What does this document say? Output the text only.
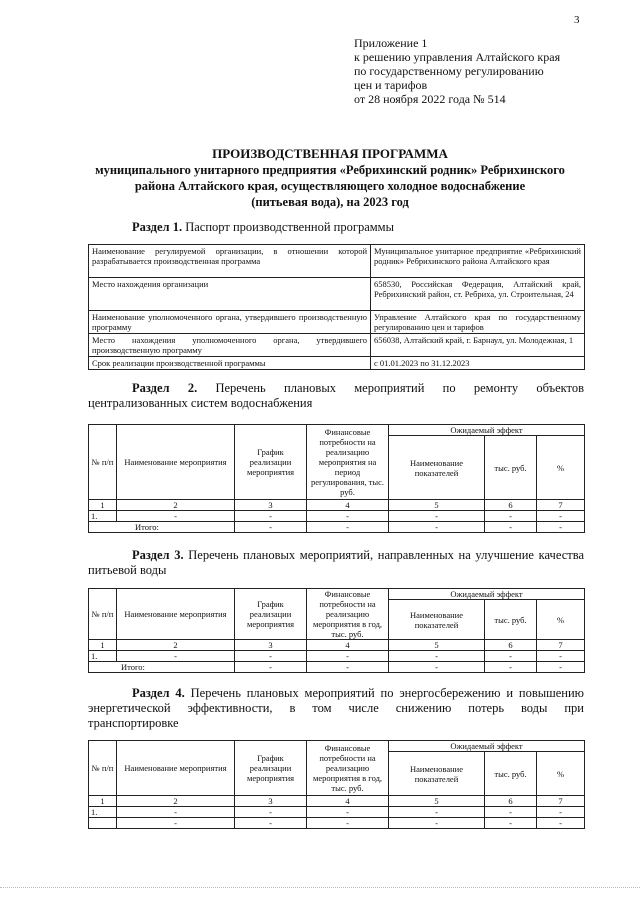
3
Приложение 1
к решению управления Алтайского края
по государственному регулированию
цен и тарифов
от 28 ноября 2022 года № 514
ПРОИЗВОДСТВЕННАЯ ПРОГРАММА
муниципального унитарного предприятия «Ребрихинский родник» Ребрихинского
района Алтайского края, осуществляющего холодное водоснабжение
(питьевая вода), на 2023 год
Раздел 1. Паспорт производственной программы
Наименование регулируемой организации, в отношении которой разрабатывается производственная программа	Муниципальное унитарное предприятие «Ребрихинский родник» Ребрихинского района Алтайского края
Место нахождения организации	658530, Российская Федерация, Алтайский край, Ребрихинский район, ст. Ребриха, ул. Строительная, 24
Наименование уполномоченного органа, утвердившего производственную программу	Управление Алтайского края по государственному регулированию цен и тарифов
Место нахождения уполномоченного органа, утвердившего производственную программу	656038, Алтайский край, г. Барнаул, ул. Молодежная, 1
Срок реализации производственной программы	с 01.01.2023 по 31.12.2023
Раздел 2. Перечень плановых мероприятий по ремонту объектов
централизованных систем водоснабжения
№ п/п	Наименование мероприятия	График реализации мероприятия	Финансовые потребности на реализацию мероприятия на период регулирования, тыс. руб.	Ожидаемый эффект		
				Наименование показателей	тыс. руб.	%
1	2	3	4	5	6	7
1.	-	-	-	-	-	-
Итого:		-	-	-	-	-
Раздел 3. Перечень плановых мероприятий, направленных на улучшение качества
питьевой воды
№ п/п	Наименование мероприятия	График реализации мероприятия	Финансовые потребности на реализацию мероприятия в год, тыс. руб.	Ожидаемый эффект		
				Наименование показателей	тыс. руб.	%
1	2	3	4	5	6	7
1.	-	-	-	-	-	-
Итого:		-	-	-	-	-
Раздел 4. Перечень плановых мероприятий по энергосбережению и повышению
энергетической эффективности, в том числе снижению потерь воды при
транспортировке
№ п/п	Наименование мероприятия	График реализации мероприятия	Финансовые потребности на реализацию мероприятия в год, тыс. руб.	Ожидаемый эффект		
				Наименование показателей	тыс. руб.	%
1	2	3	4	5	6	7
1.	-	-	-	-	-	-
	-	-	-	-	-	-
